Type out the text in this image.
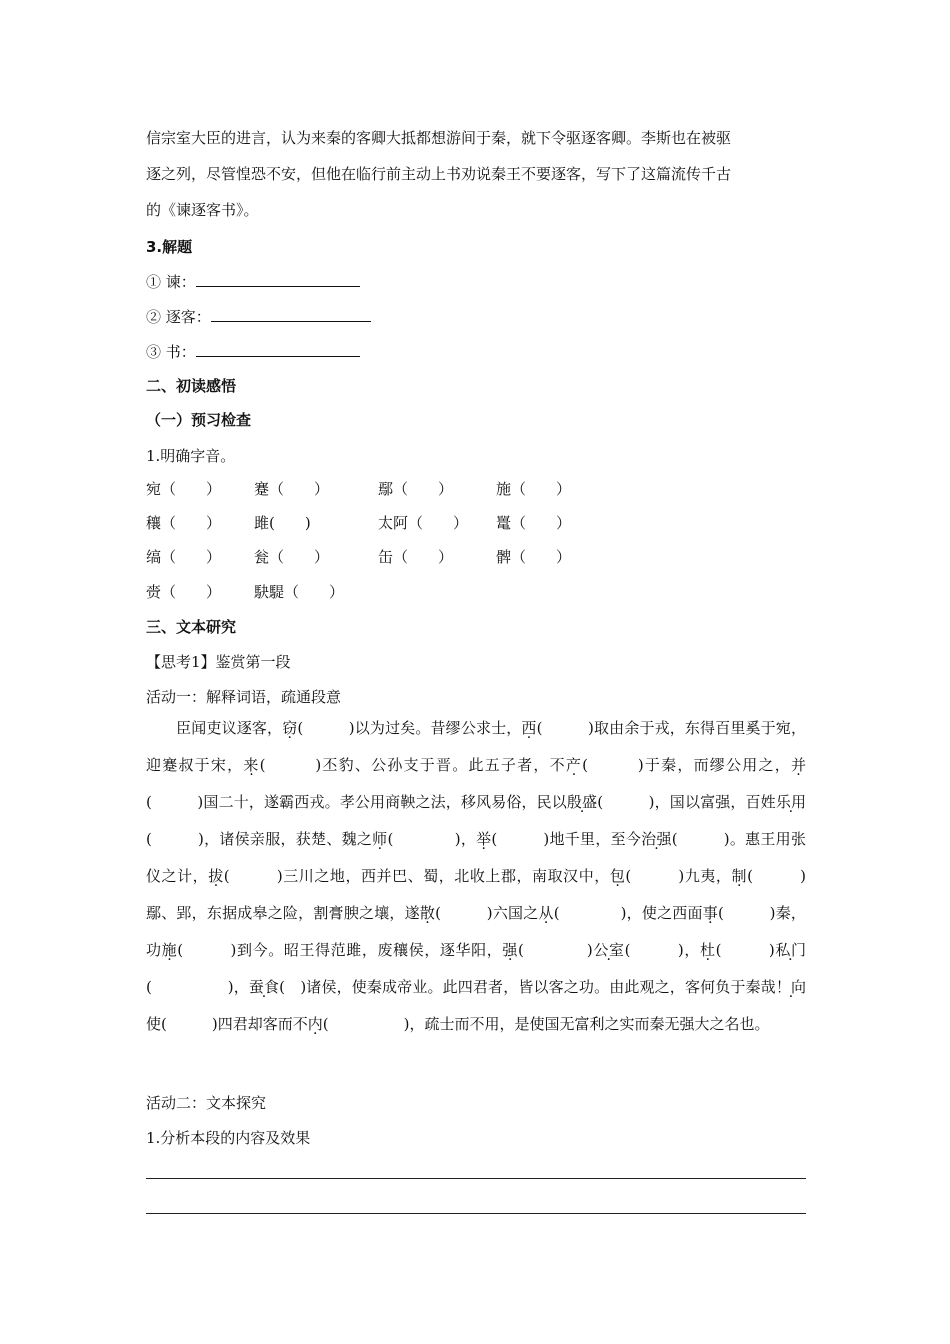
信宗室大臣的进言，认为来秦的客卿大抵都想游间于秦，就下令驱逐客卿。李斯也在被驱
逐之列，尽管惶恐不安，但他在临行前主动上书劝说秦王不要逐客，写下了这篇流传千古
的《谏逐客书》。
3.解题
① 谏：
② 逐客：
③ 书：
二、初读感悟
（一）预习检查
1.明确字音。
宛（　　） 蹇（　　）	鄢（　　）	施（　　）
穰（　　） 雎(　　)	太阿（　　） 鼍（　　）
缟（　　） 瓮（　　）	缶（　　）	髀（　　）
赍（　　） 駃騠（　　）
三、文本研究
【思考1】鉴赏第一段
活动一：解释词语，疏通段意

臣闻吏议逐客，窃(　　　)以为过矣。昔缪公求士，西(　　　)取由余于戎，东得百里奚于宛，迎蹇叔于宋，来(　　　)丕豹、公孙支于晋。此五子者，不产(　　　)于秦，而缪公用之，并(　　　)国二十，遂霸西戎。孝公用商鞅之法，移风易俗，民以殷盛(　　　)，国以富强，百姓乐用(　　　)，诸侯亲服，获楚、魏之师(　　　　)，举(　　　)地千里，至今治强(　　　)。惠王用张仪之计，拔(　　　)三川之地，西并巴、蜀，北收上郡，南取汉中，包(　　　)九夷，制(　　　)鄢、郢，东据成皋之险，割膏腴之壤，遂散(　　　)六国之从(　　　　)，使之西面事(　　　)秦，功施(　　　)到今。昭王得范雎，废穰侯，逐华阳，强(　　　　)公室(　　　)，杜(　　　)私门(　　　　　)，蚕食(　)诸侯，使秦成帝业。此四君者，皆以客之功。由此观之，客何负于秦哉！向使 ·(　　　)四君却客而不内(　　　　　)，疏士而不用，是使国无富利之实而秦无强大之名也。

活动二：文本探究
1.分析本段的内容及效果
